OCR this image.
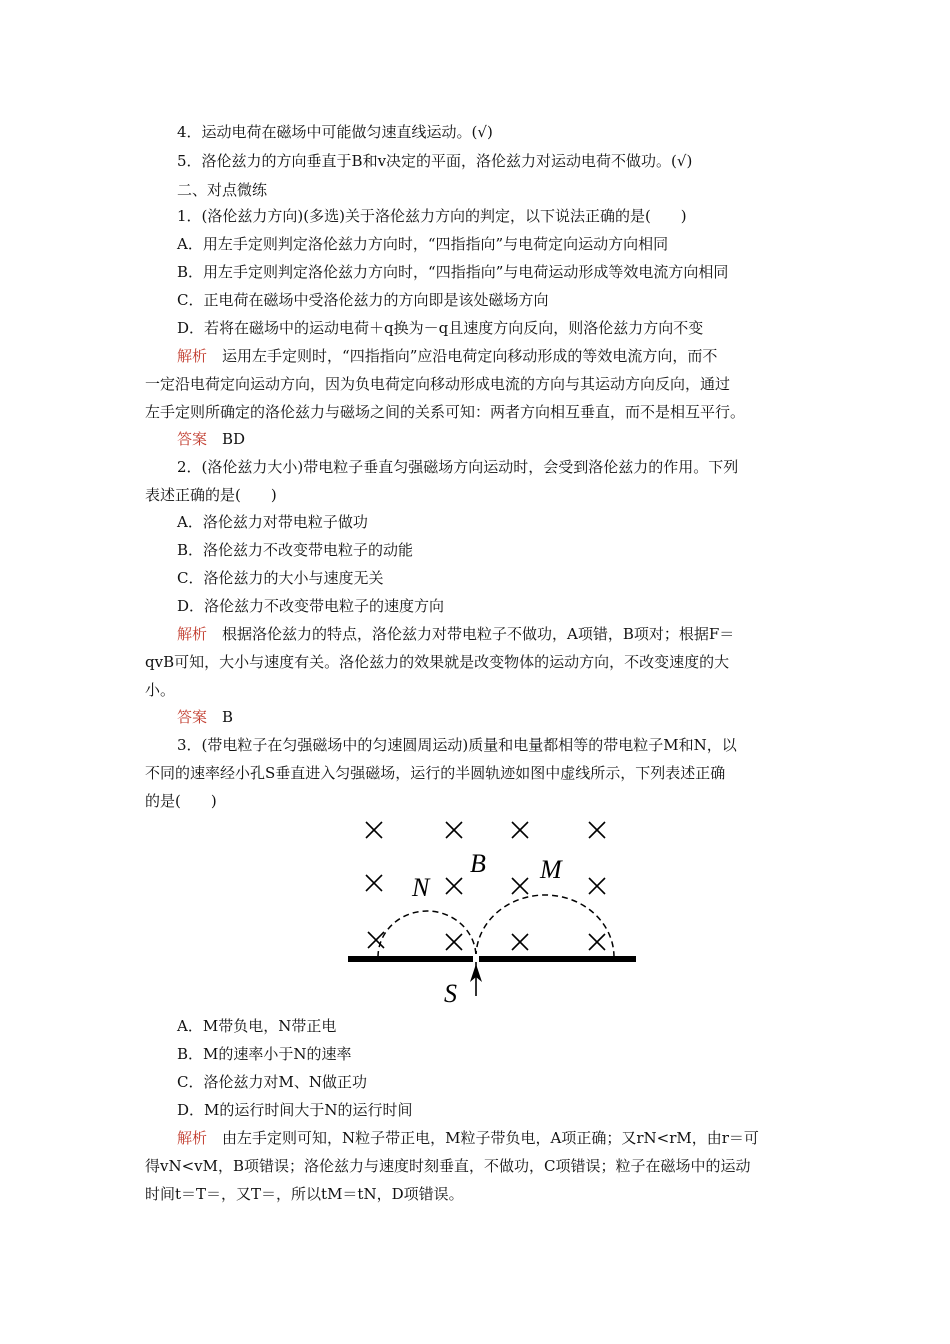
4．运动电荷在磁场中可能做匀速直线运动。(√)
5．洛伦兹力的方向垂直于B和v决定的平面，洛伦兹力对运动电荷不做功。(√)
二、对点微练
1．(洛伦兹力方向)(多选)关于洛伦兹力方向的判定，以下说法正确的是(　　)
A．用左手定则判定洛伦兹力方向时，“四指指向”与电荷定向运动方向相同
B．用左手定则判定洛伦兹力方向时，“四指指向”与电荷运动形成等效电流方向相同
C．正电荷在磁场中受洛伦兹力的方向即是该处磁场方向
D．若将在磁场中的运动电荷＋q换为－q且速度方向反向，则洛伦兹力方向不变
解析　 运用左手定则时，“四指指向”应沿电荷定向移动形成的等效电流方向，而不
一定沿电荷定向运动方向，因为负电荷定向移动形成电流的方向与其运动方向反向，通过
左手定则所确定的洛伦兹力与磁场之间的关系可知：两者方向相互垂直，而不是相互平行。
答案　 BD
2．(洛伦兹力大小)带电粒子垂直匀强磁场方向运动时，会受到洛伦兹力的作用。下列
表述正确的是(　　)
A．洛伦兹力对带电粒子做功
B．洛伦兹力不改变带电粒子的动能
C．洛伦兹力的大小与速度无关
D．洛伦兹力不改变带电粒子的速度方向
解析　 根据洛伦兹力的特点，洛伦兹力对带电粒子不做功，A项错，B项对；根据F＝
qvB可知，大小与速度有关。洛伦兹力的效果就是改变物体的运动方向，不改变速度的大
小。
答案　 B
3．(带电粒子在匀强磁场中的匀速圆周运动)质量和电量都相等的带电粒子M和N，以
不同的速率经小孔S垂直进入匀强磁场，运行的半圆轨迹如图中虚线所示，下列表述正确
的是(　　)
B M
N
S
A．M带负电，N带正电
B．M的速率小于N的速率
C．洛伦兹力对M、N做正功
D．M的运行时间大于N的运行时间
解析　 由左手定则可知，N粒子带正电，M粒子带负电，A项正确；又rN<rM，由r＝可
得vN<vM，B项错误；洛伦兹力与速度时刻垂直，不做功，C项错误；粒子在磁场中的运动
时间t＝T＝，又T＝，所以tM＝tN，D项错误。
